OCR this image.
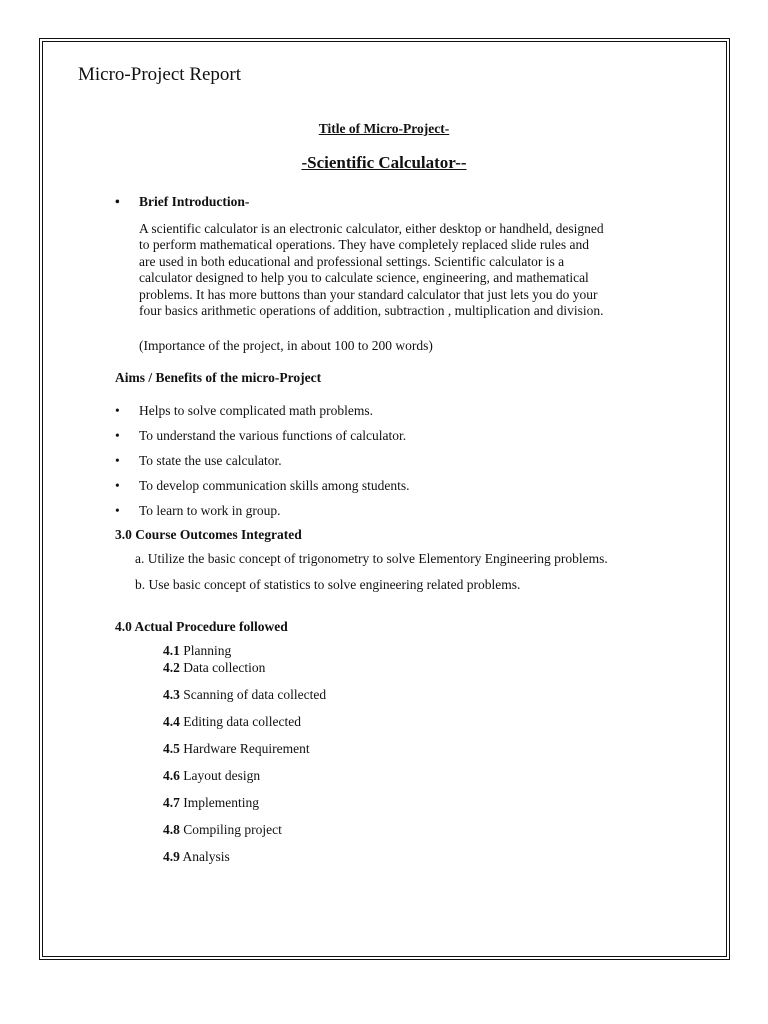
Micro-Project Report
Title of Micro-Project-
-Scientific Calculator--
• Brief Introduction-
A scientific calculator is an electronic calculator, either desktop or handheld, designed
to perform mathematical operations. They have completely replaced slide rules and
are used in both educational and professional settings. Scientific calculator is a
calculator designed to help you to calculate science, engineering, and mathematical
problems. It has more buttons than your standard calculator that just lets you do your
four basics arithmetic operations of addition, subtraction , multiplication and division.
(Importance of the project, in about 100 to 200 words)
Aims / Benefits of the micro-Project
• Helps to solve complicated math problems.
• To understand the various functions of calculator.
• To state the use calculator.
• To develop communication skills among students.
• To learn to work in group.
3.0 Course Outcomes Integrated
a. Utilize the basic concept of trigonometry to solve Elementory Engineering problems.
b. Use basic concept of statistics to solve engineering related problems.
4.0 Actual Procedure followed
4.1 Planning
4.2 Data collection
4.3 Scanning of data collected
4.4 Editing data collected
4.5 Hardware Requirement
4.6 Layout design
4.7 Implementing
4.8 Compiling project
4.9 Analysis
